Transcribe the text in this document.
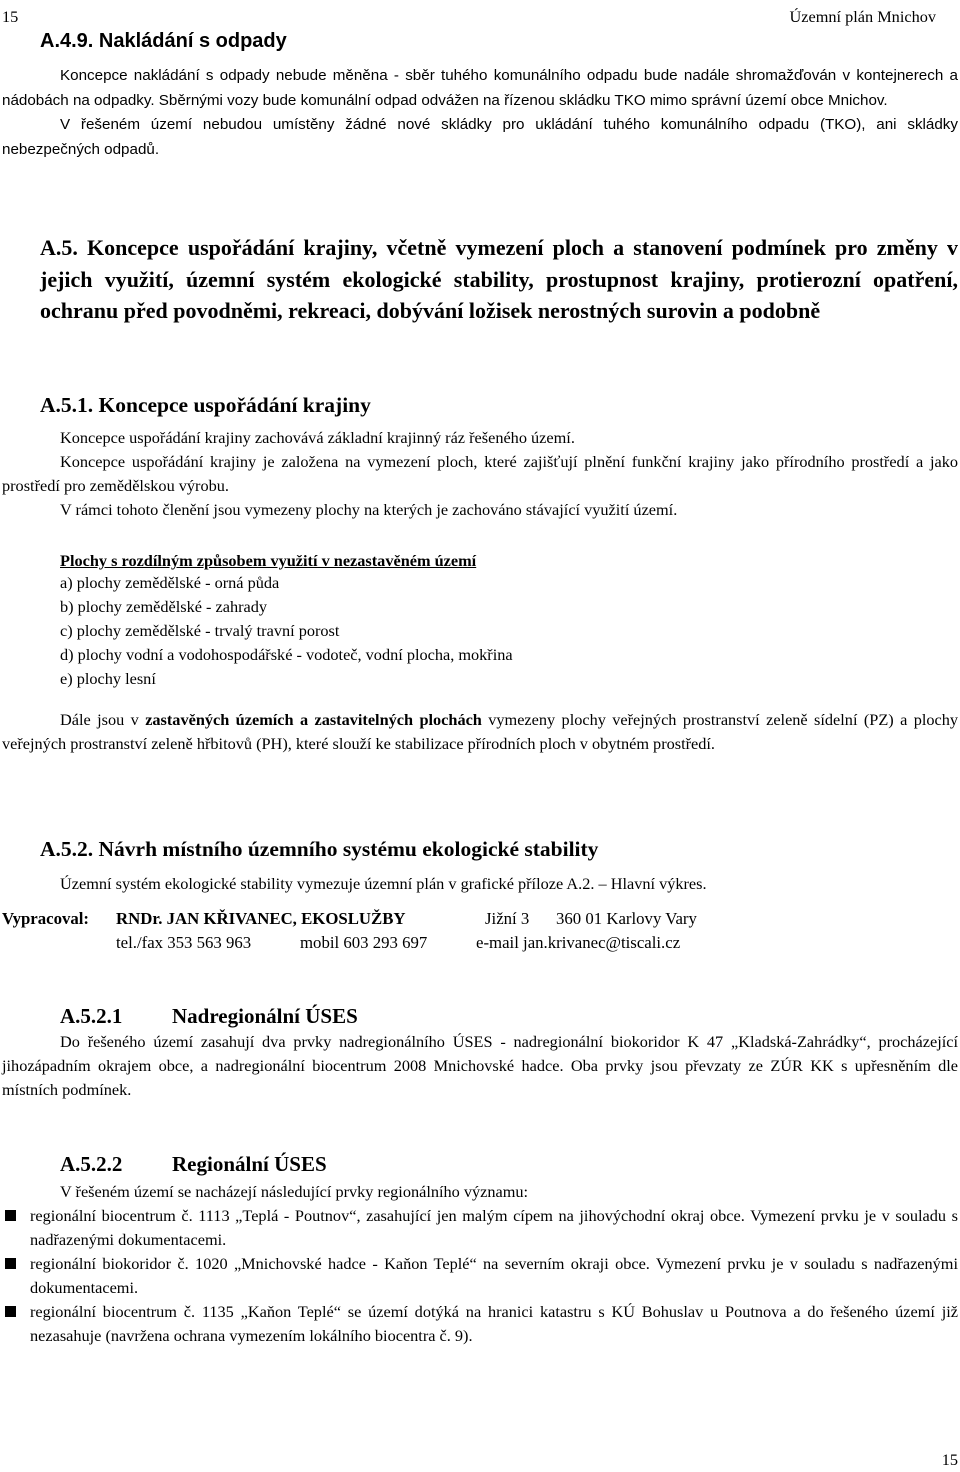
15	Územní plán Mnichov
A.4.9. Nakládání s odpady

Koncepce nakládání s odpady nebude měněna - sběr tuhého komunálního odpadu bude nadále shromažďován v kontejnerech a nádobách na odpadky. Sběrnými vozy bude komunální odpad odvážen na řízenou skládku TKO mimo správní území obce Mnichov.

V řešeném území nebudou umístěny žádné nové skládky pro ukládání tuhého komunálního odpadu (TKO), ani skládky nebezpečných odpadů.

A.5. Koncepce uspořádání krajiny, včetně vymezení ploch a stanovení podmínek pro změny v jejich využití, územní systém ekologické stability, prostupnost krajiny, protierozní opatření, ochranu před povodněmi, rekreaci, dobývání ložisek nerostných surovin a podobně
A.5.1. Koncepce uspořádání krajiny

Koncepce uspořádání krajiny zachovává základní krajinný ráz řešeného území.

Koncepce uspořádání krajiny je založena na vymezení ploch, které zajišťují plnění funkční krajiny jako přírodního prostředí a jako prostředí pro zemědělskou výrobu.

V rámci tohoto členění jsou vymezeny plochy na kterých je zachováno stávající využití území.

Plochy s rozdílným způsobem využití v nezastavěném území
a) plochy zemědělské - orná půda
b) plochy zemědělské - zahrady
c) plochy zemědělské - trvalý travní porost
d) plochy vodní a vodohospodářské - vodoteč, vodní plocha, mokřina
e) plochy lesní

Dále jsou v zastavěných územích a zastavitelných plochách vymezeny plochy veřejných prostranství zeleně sídelní (PZ) a plochy veřejných prostranství zeleně hřbitovů (PH), které slouží ke stabilizace přírodních ploch v obytném prostředí.

A.5.2. Návrh místního územního systému ekologické stability
Územní systém ekologické stability vymezuje územní plán v grafické příloze A.2. – Hlavní výkres.
Vypracoval: RNDr. JAN KŘIVANEC, EKOSLUŽBY	Jižní 3 360 01 Karlovy Vary
tel./fax 353 563 963	mobil 603 293 697	e-mail jan.krivanec@tiscali.cz
A.5.2.1 Nadregionální ÚSES

Do řešeného území zasahují dva prvky nadregionálního ÚSES - nadregionální biokoridor K 47 „Kladská-Zahrádky“, procházející jihozápadním okrajem obce, a nadregionální biocentrum 2008 Mnichovské hadce. Oba prvky jsou převzaty ze ZÚR KK s upřesněním dle místních podmínek.

A.5.2.2 Regionální ÚSES
V řešeném území se nacházejí následující prvky regionálního významu:

regionální biocentrum č. 1113 „Teplá - Poutnov“, zasahující jen malým cípem na jihovýchodní okraj obce. Vymezení prvku je v souladu s nadřazenými dokumentacemi.

regionální biokoridor č. 1020 „Mnichovské hadce - Kaňon Teplé“ na severním okraji obce. Vymezení prvku je v souladu s nadřazenými dokumentacemi.

regionální biocentrum č. 1135 „Kaňon Teplé“ se území dotýká na hranici katastru s KÚ Bohuslav u Poutnova a do řešeného území již nezasahuje (navržena ochrana vymezením lokálního biocentra č. 9).

15
